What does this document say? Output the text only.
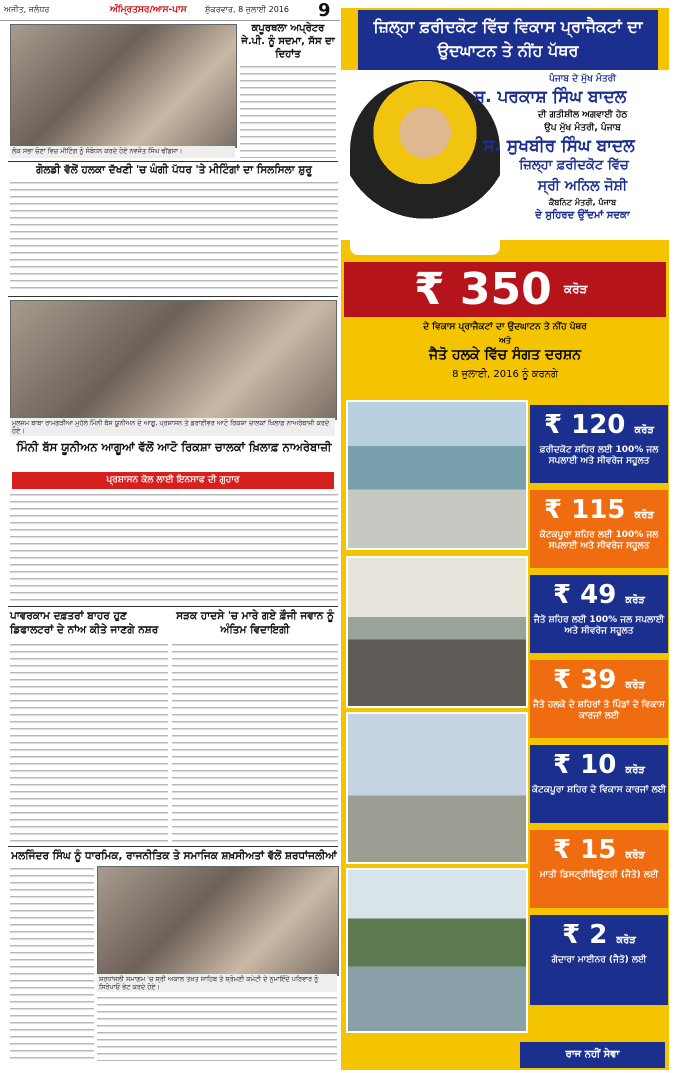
ਅਜੀਤ, ਜਲੰਧਰ	ਅੰਮ੍ਰਿਤਸਰ/ਆਸ-ਪਾਸ ਸ਼ੁੱਕਰਵਾਰ, 8 ਜੁਲਾਈ 2016 9
ਲੋਕ ਸਭਾ ਚੋਣਾਂ ਵਿਚ ਮੀਟਿੰਗ ਨੂੰ ਸੰਬੋਧਨ ਕਰਦੇ ਹੋਏ ਨਵਜੋਤ ਸਿੰਘ ਢੀਂਡਸਾ।
ਕਪੂਰਥਲਾ ਅਪ੍ਰੇਟਰ ਜੇ.ਪੀ. ਨੂੰ ਸਦਮਾ, ਸੱਸ ਦਾ ਦਿਹਾਂਤ
ਗੋਲਡੀ ਵੱਲੋਂ ਹਲਕਾ ਦੱਖਣੀ 'ਚ ਘੰਗੀ ਪੱਧਰ 'ਤੇ ਮੀਟਿੰਗਾਂ ਦਾ ਸਿਲਸਿਲਾ ਸ਼ੁਰੂ
ਮੁਲਜ਼ਮ ਬਾਬਾ ਰਾਮਗੜੀਆ ਮੁਹੱਲੇ ਮਿੰਨੀ ਬੱਸ ਯੂਨੀਅਨ ਦੇ ਆਗੂ, ਪ੍ਰਸ਼ਾਸਨ ਤੇ ਡਰਾਈਵਰ ਆਟੋ ਰਿਕਸ਼ਾ ਚਾਲਕਾਂ ਖ਼ਿਲਾਫ਼ ਨਾਅਰੇਬਾਜ਼ੀ ਕਰਦੇ ਹੋਏ।
ਮਿੰਨੀ ਬੱਸ ਯੂਨੀਅਨ ਆਗੂਆਂ ਵੱਲੋਂ ਆਟੋ ਰਿਕਸ਼ਾ ਚਾਲਕਾਂ ਖ਼ਿਲਾਫ਼ ਨਾਅਰੇਬਾਜ਼ੀ
ਪ੍ਰਸ਼ਾਸਨ ਕੋਲ ਲਾਈ ਇਨਸਾਫ ਦੀ ਗੁਹਾਰ
ਪਾਵਰਕਾਮ ਦਫ਼ਤਰਾਂ ਬਾਹਰ ਹੁਣ ਡਿਫਾਲਟਰਾਂ ਦੇ ਨਾਂਅ ਕੀਤੇ ਜਾਣਗੇ ਨਸ਼ਰ
ਸੜਕ ਹਾਦਸੇ 'ਚ ਮਾਰੇ ਗਏ ਫ਼ੌਜੀ ਜਵਾਨ ਨੂੰ ਅੰਤਿਮ ਵਿਦਾਇਗੀ
ਮਲਜਿੰਦਰ ਸਿੰਘ ਨੂੰ ਧਾਰਮਿਕ, ਰਾਜਨੀਤਿਕ ਤੇ ਸਮਾਜਿਕ ਸ਼ਖ਼ਸੀਅਤਾਂ ਵੱਲੋਂ ਸ਼ਰਧਾਂਜਲੀਆਂ
ਸ਼ਰਧਾਂਜਲੀ ਸਮਾਗਮ 'ਚ ਸ੍ਰੀ ਅਕਾਲ ਤਖ਼ਤ ਸਾਹਿਬ ਤੇ ਸ਼੍ਰੋਮਣੀ ਕਮੇਟੀ ਦੇ ਨੁਮਾਇੰਦੇ ਪਰਿਵਾਰ ਨੂੰ ਸਿਰੋਪਾਓ ਭੇਟ ਕਰਦੇ ਹੋਏ।
ਜ਼ਿਲ੍ਹਾ ਫ਼ਰੀਦਕੋਟ ਵਿੱਚ ਵਿਕਾਸ ਪ੍ਰਾਜੈਕਟਾਂ ਦਾ ਉਦਘਾਟਨ ਤੇ ਨੀਂਹ ਪੱਥਰ
ਪੰਜਾਬ ਦੇ ਮੁੱਖ ਮੰਤਰੀ
ਸ. ਪਰਕਾਸ਼ ਸਿੰਘ ਬਾਦਲ
ਦੀ ਗਤੀਸ਼ੀਲ ਅਗਵਾਈ ਹੇਠ
ਉਪ ਮੁੱਖ ਮੰਤਰੀ, ਪੰਜਾਬ
ਸ. ਸੁਖਬੀਰ ਸਿੰਘ ਬਾਦਲ
ਜ਼ਿਲ੍ਹਾ ਫ਼ਰੀਦਕੋਟ ਵਿੱਚ
ਸ੍ਰੀ ਅਨਿਲ ਜੋਸ਼ੀ
ਕੈਬਨਿਟ ਮੰਤਰੀ, ਪੰਜਾਬ
ਦੇ ਸੁਹਿਰਦ ਉੱਦਮਾਂ ਸਦਕਾ
₹ 350 ਕਰੋੜ
ਦੇ ਵਿਕਾਸ ਪ੍ਰਾਜੈਕਟਾਂ ਦਾ ਉਦਘਾਟਨ ਤੇ ਨੀਂਹ ਪੱਥਰ
ਅਤੇ
ਜੈਤੋ ਹਲਕੇ ਵਿੱਚ ਸੰਗਤ ਦਰਸ਼ਨ
8 ਜੁਲਾਈ, 2016 ਨੂੰ ਕਰਨਗੇ
₹ 120 ਕਰੋੜ
ਫ਼ਰੀਦਕੋਟ ਸ਼ਹਿਰ ਲਈ 100% ਜਲ ਸਪਲਾਈ ਅਤੇ ਸੀਵਰੇਜ ਸਹੂਲਤ
₹ 115 ਕਰੋੜ
ਕੋਟਕਪੂਰਾ ਸ਼ਹਿਰ ਲਈ 100% ਜਲ ਸਪਲਾਈ ਅਤੇ ਸੀਵਰੇਜ ਸਹੂਲਤ
₹ 49 ਕਰੋੜ
ਜੈਤੋ ਸ਼ਹਿਰ ਲਈ 100% ਜਲ ਸਪਲਾਈ ਅਤੇ ਸੀਵਰੇਜ ਸਹੂਲਤ
₹ 39 ਕਰੋੜ
ਜੈਤੋ ਹਲਕੇ ਦੇ ਸ਼ਹਿਰਾਂ ਤੇ ਪਿੰਡਾਂ ਦੇ ਵਿਕਾਸ ਕਾਰਜਾਂ ਲਈ
₹ 10 ਕਰੋੜ
ਕੋਟਕਪੂਰਾ ਸ਼ਹਿਰ ਦੇ ਵਿਕਾਸ ਕਾਰਜਾਂ ਲਈ
₹ 15 ਕਰੋੜ
ਮਾਤੀ ਡਿਸਟ੍ਰੀਬਿਊਟਰੀ (ਜੈਤੋ) ਲਈ
₹ 2 ਕਰੋੜ
ਗੋਦਾਰਾ ਮਾਈਨਰ (ਜੈਤੋ) ਲਈ
ਰਾਜ ਨਹੀਂ ਸੇਵਾ
